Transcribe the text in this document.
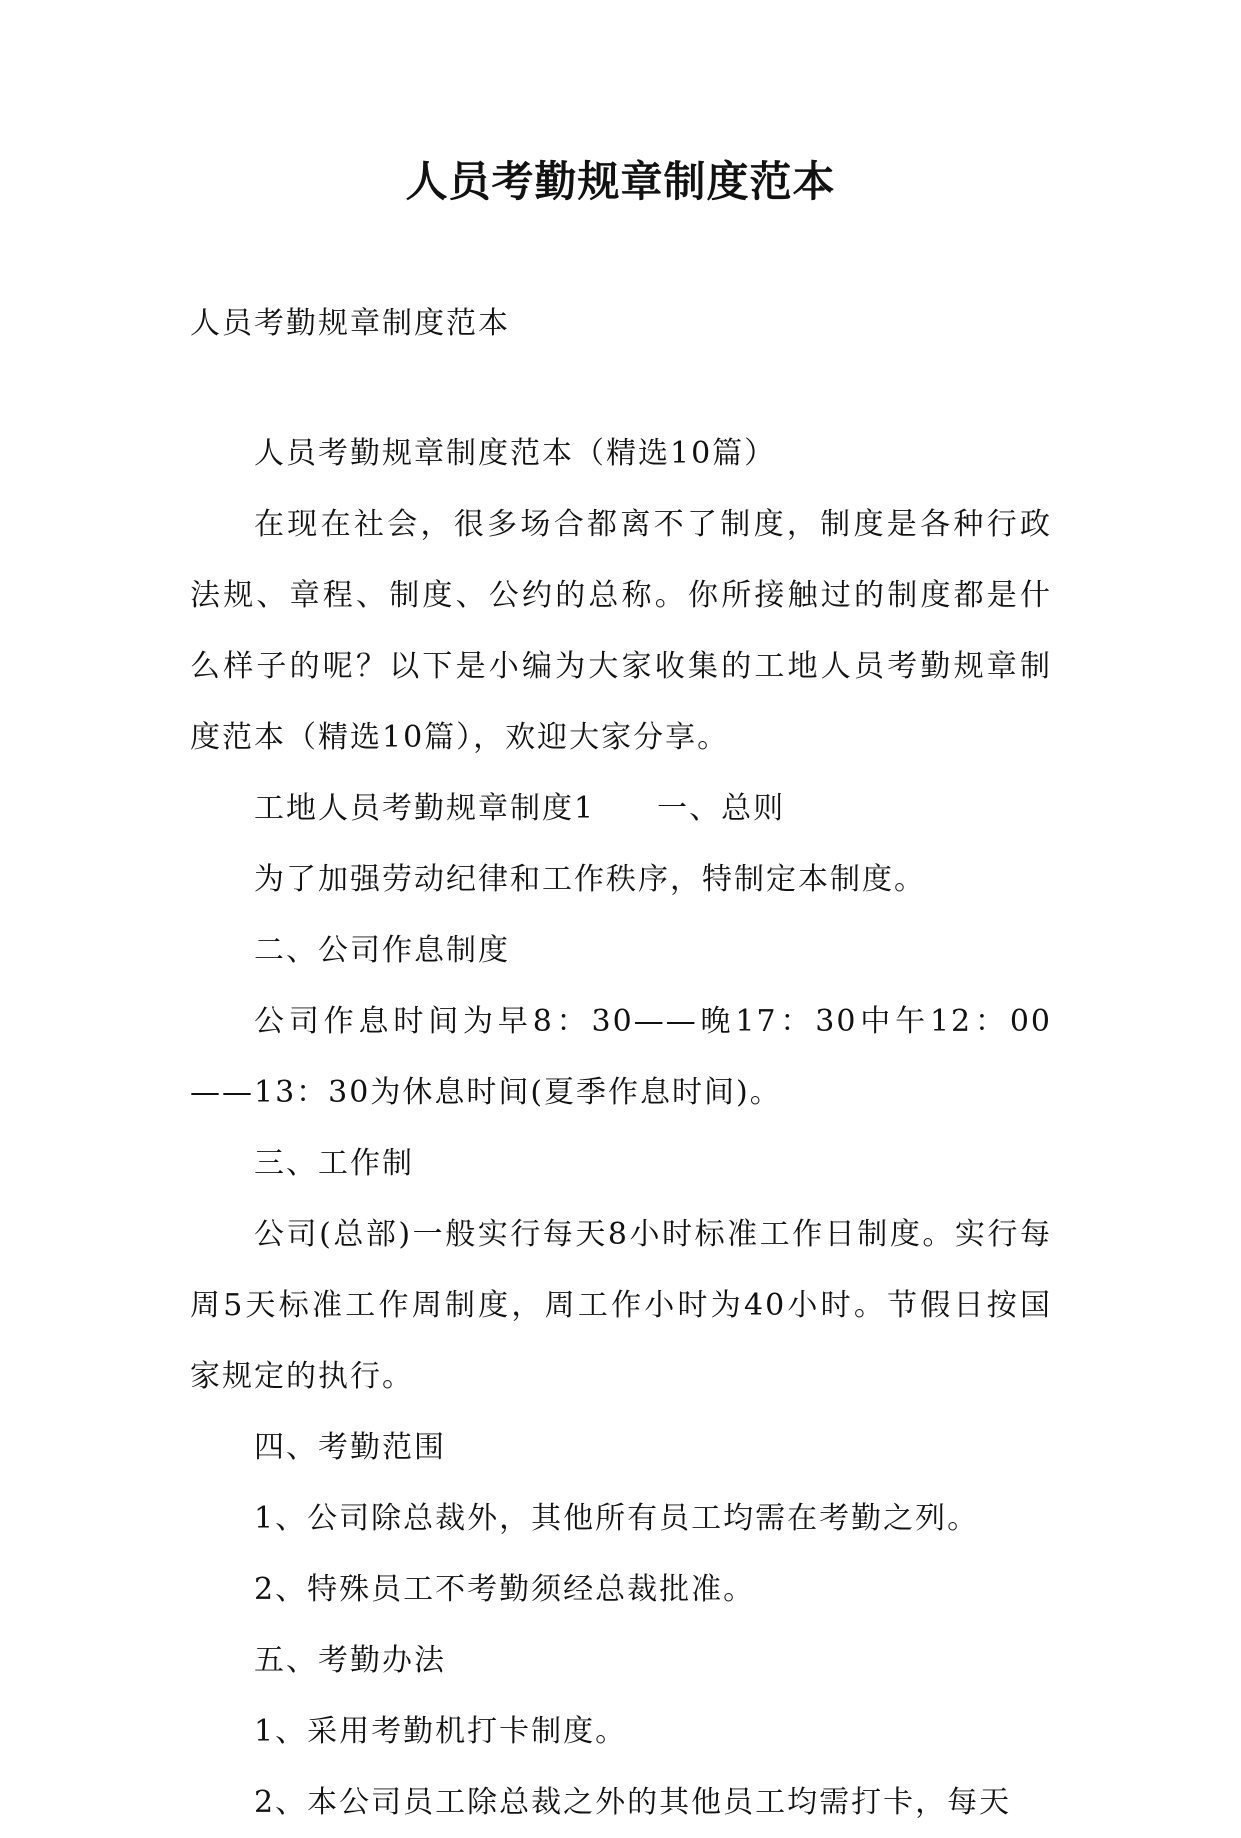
人员考勤规章制度范本

人员考勤规章制度范本

人员考勤规章制度范本（精选10篇）

在现在社会，很多场合都离不了制度，制度是各种行政法规、章程、制度、公约的总称。你所接触过的制度都是什么样子的呢？以下是小编为大家收集的工地人员考勤规章制度范本（精选10篇），欢迎大家分享。

工地人员考勤规章制度1 一、总则

为了加强劳动纪律和工作秩序，特制定本制度。

二、公司作息制度

公司作息时间为早8：30——晚17：30中午12：00——13：30为休息时间(夏季作息时间)。

三、工作制

公司(总部)一般实行每天8小时标准工作日制度。实行每周5天标准工作周制度，周工作小时为40小时。节假日按国家规定的执行。

四、考勤范围

1、公司除总裁外，其他所有员工均需在考勤之列。

2、特殊员工不考勤须经总裁批准。

五、考勤办法

1、采用考勤机打卡制度。

2、本公司员工除总裁之外的其他员工均需打卡，每天
